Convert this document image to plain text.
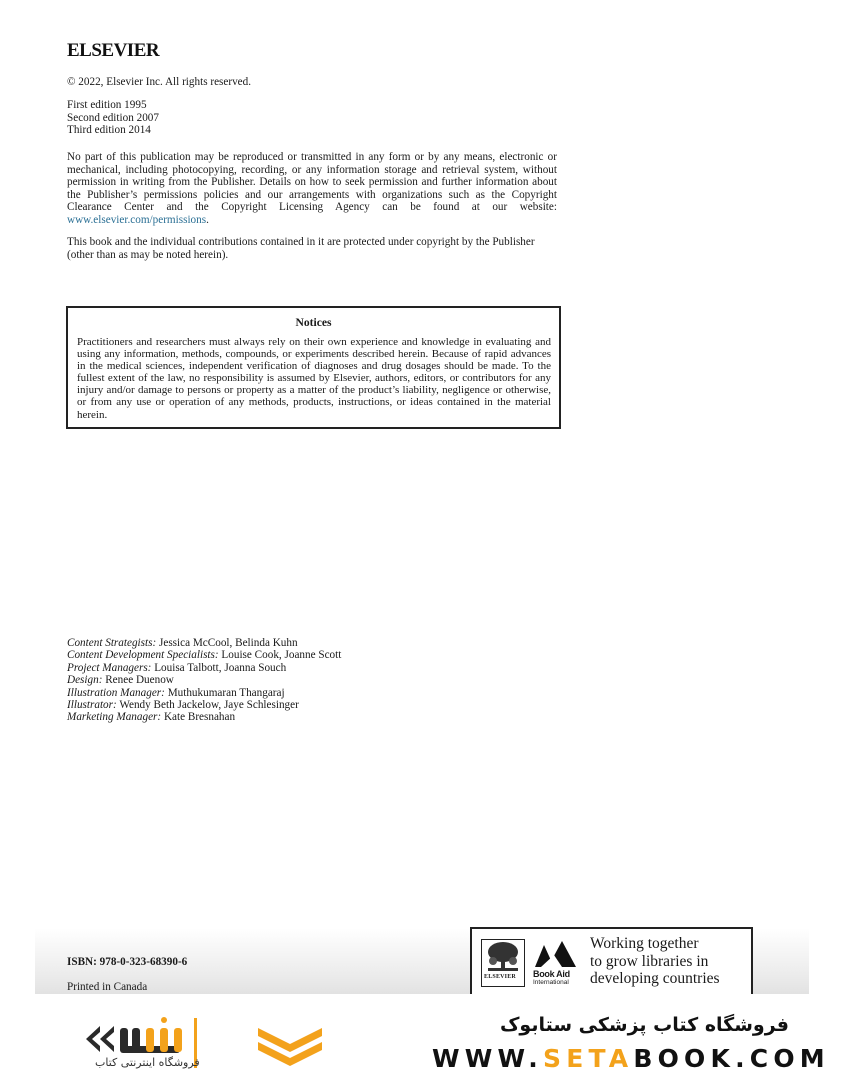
ELSEVIER
© 2022, Elsevier Inc. All rights reserved.
First edition 1995
Second edition 2007
Third edition 2014
No part of this publication may be reproduced or transmitted in any form or by any means, electronic or mechanical, including photocopying, recording, or any information storage and retrieval system, without permission in writing from the Publisher. Details on how to seek permission and further information about the Publisher’s permissions policies and our arrangements with organizations such as the Copyright Clearance Center and the Copyright Licensing Agency can be found at our website: www.elsevier.com/permissions.
This book and the individual contributions contained in it are protected under copyright by the Publisher (other than as may be noted herein).
Notices
Practitioners and researchers must always rely on their own experience and knowledge in evaluating and using any information, methods, compounds, or experiments described herein. Because of rapid advances in the medical sciences, independent verification of diagnoses and drug dosages should be made. To the fullest extent of the law, no responsibility is assumed by Elsevier, authors, editors, or contributors for any injury and/or damage to persons or property as a matter of the product’s liability, negligence or otherwise, or from any use or operation of any methods, products, instructions, or ideas contained in the material herein.
Content Strategists: Jessica McCool, Belinda Kuhn
Content Development Specialists: Louise Cook, Joanne Scott
Project Managers: Louisa Talbott, Joanna Souch
Design: Renee Duenow
Illustration Manager: Muthukumaran Thangaraj
Illustrator: Wendy Beth Jackelow, Jaye Schlesinger
Marketing Manager: Kate Bresnahan
ISBN: 978-0-323-68390-6
Printed in Canada
ELSEVIER Book Aid
International
Working together
to grow libraries in
developing countries
فروشگاه اینترنتی کتاب
فروشگاه کتاب پزشکی ستابوک
WWW.SETABOOK.COM
